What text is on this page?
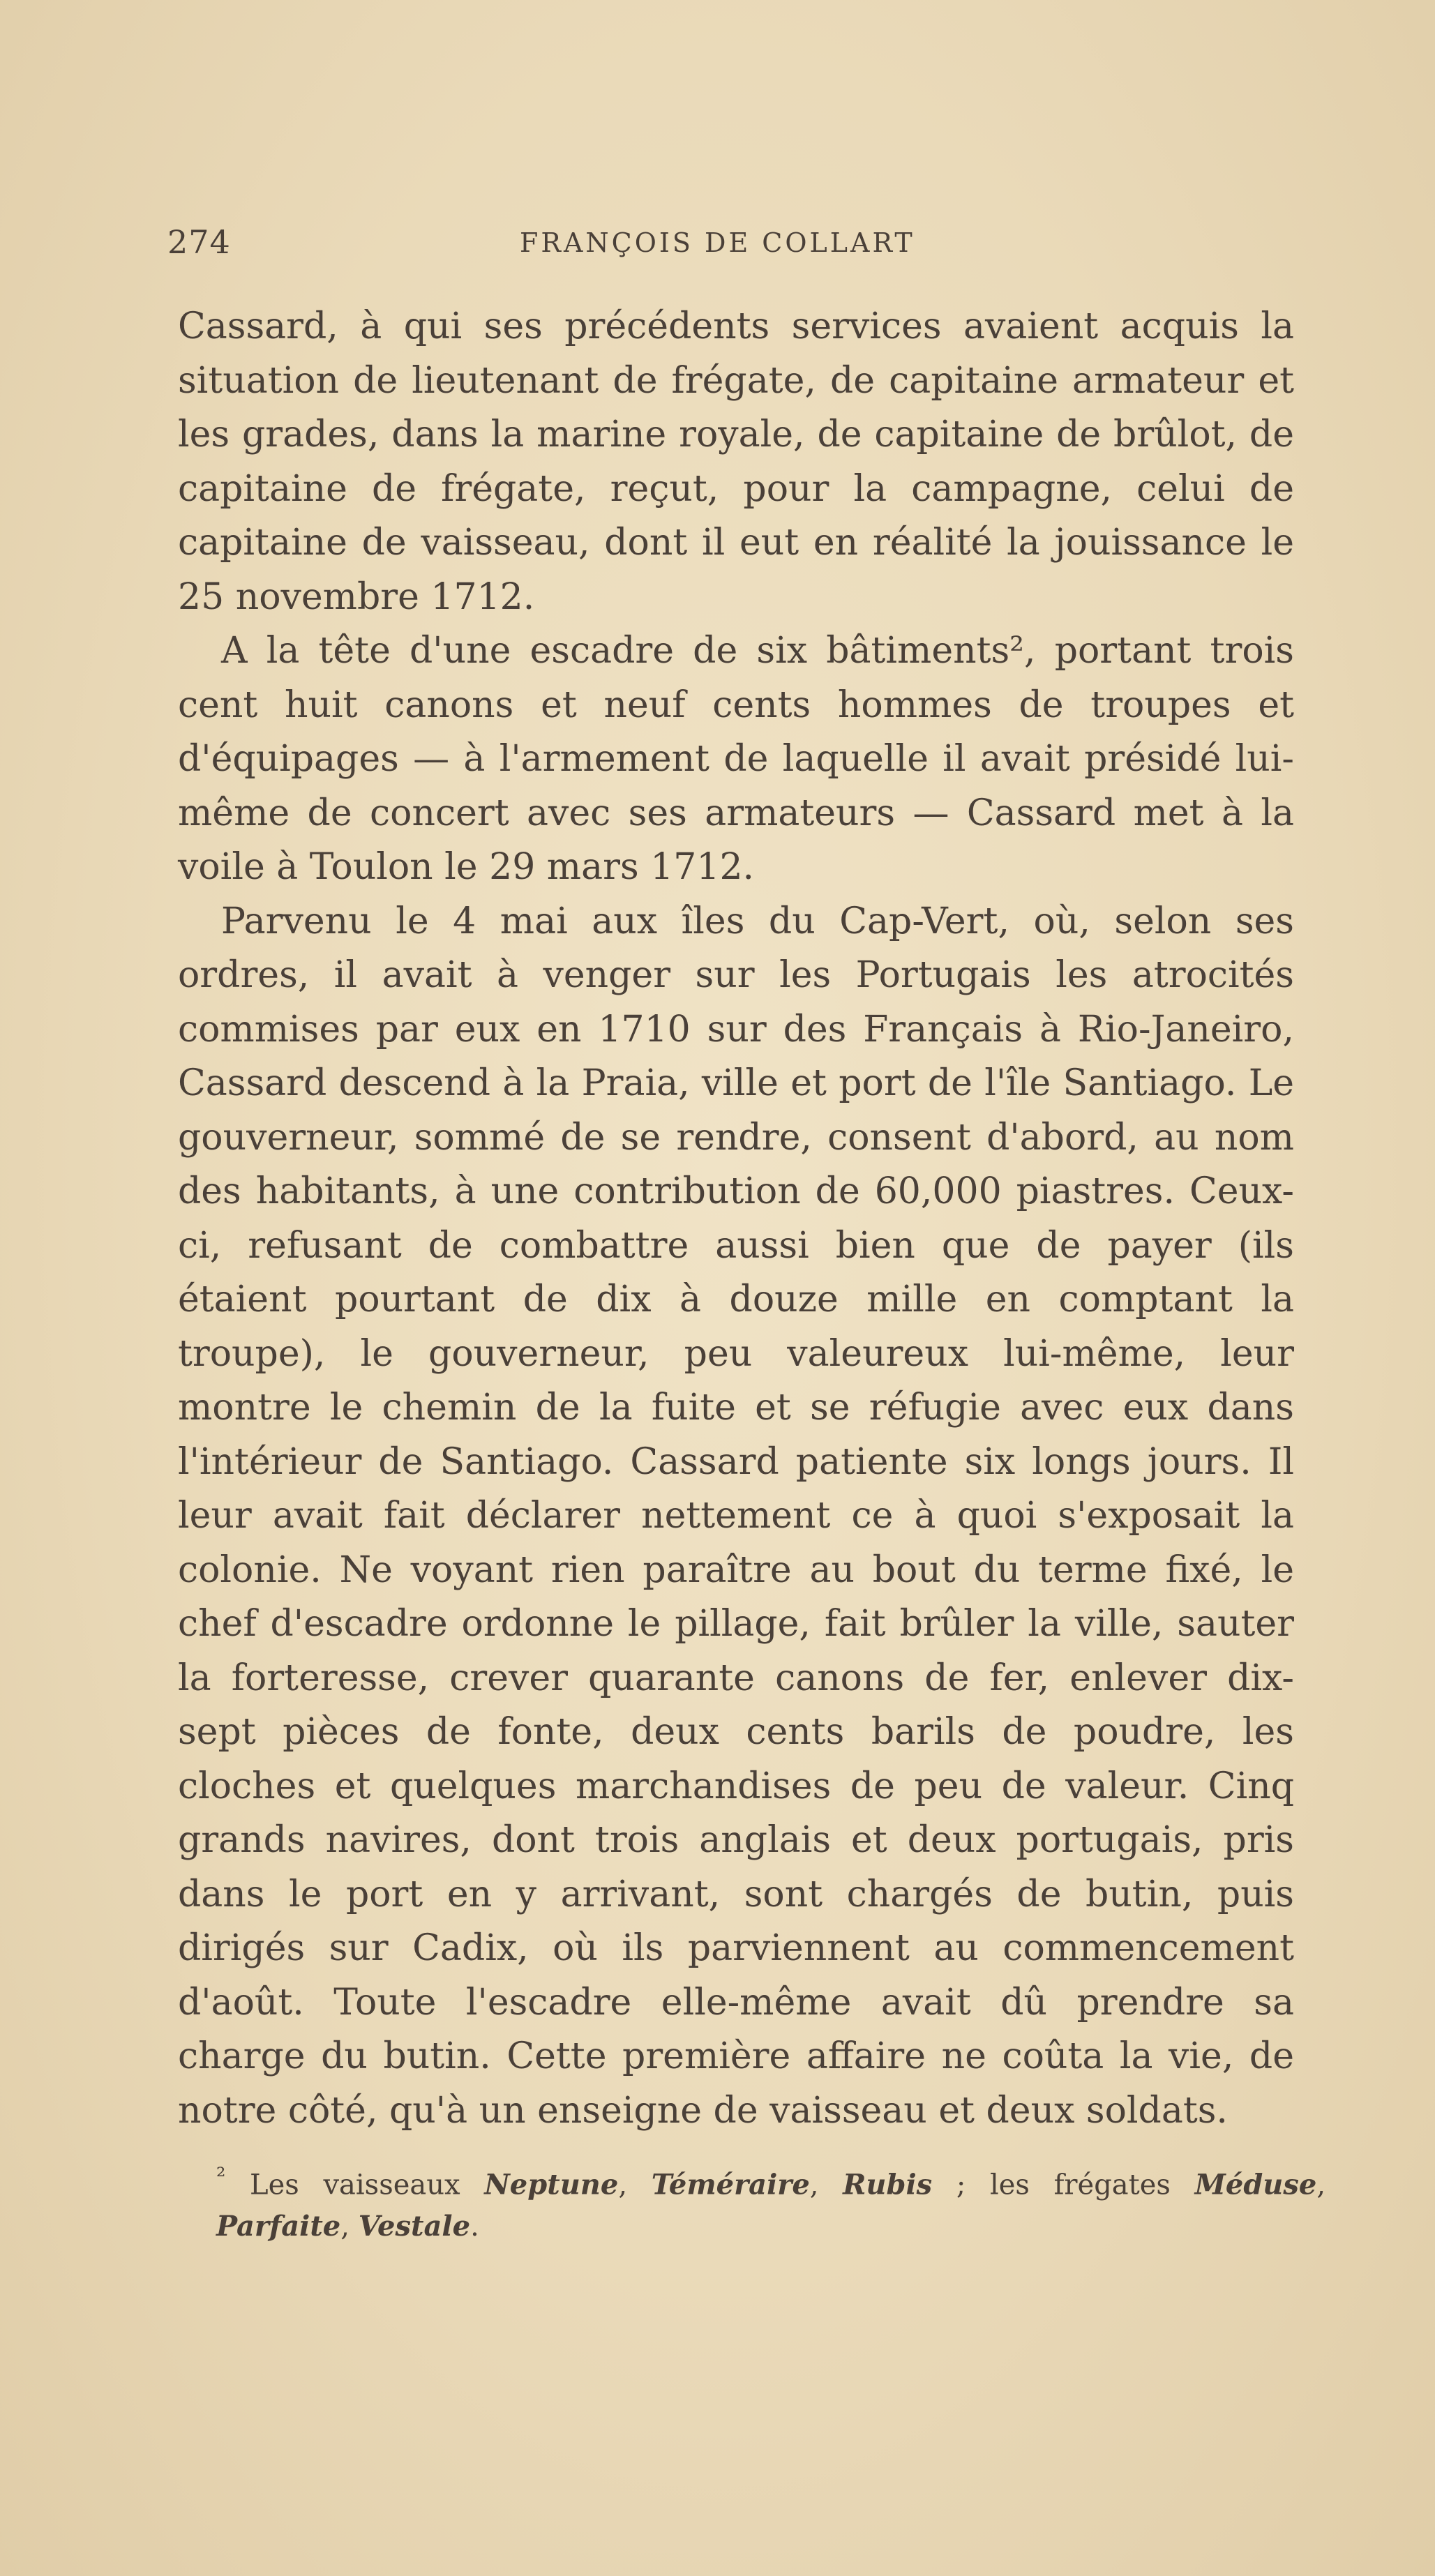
274	FRANÇOIS DE COLLART

Cassard, à qui ses précédents services avaient acquis la situation de lieutenant de frégate, de capitaine armateur et les grades, dans la marine royale, de capitaine de brûlot, de capitaine de frégate, reçut, pour la campagne, celui de capitaine de vaisseau, dont il eut en réalité la jouissance le 25 novembre 1712.

A la tête d'une escadre de six bâtiments², portant trois cent huit canons et neuf cents hommes de troupes et d'équipages — à l'armement de laquelle il avait présidé lui-même de concert avec ses armateurs — Cassard met à la voile à Toulon le 29 mars 1712.

Parvenu le 4 mai aux îles du Cap-Vert, où, selon ses ordres, il avait à venger sur les Portugais les atrocités commises par eux en 1710 sur des Français à Rio-Janeiro, Cassard descend à la Praia, ville et port de l'île Santiago. Le gouverneur, sommé de se rendre, consent d'abord, au nom des habitants, à une contribution de 60,000 piastres. Ceux-ci, refusant de combattre aussi bien que de payer (ils étaient pourtant de dix à douze mille en comptant la troupe), le gouverneur, peu valeureux lui-même, leur montre le chemin de la fuite et se réfugie avec eux dans l'intérieur de Santiago. Cassard patiente six longs jours. Il leur avait fait déclarer nettement ce à quoi s'exposait la colonie. Ne voyant rien paraître au bout du terme fixé, le chef d'escadre ordonne le pillage, fait brûler la ville, sauter la forteresse, crever quarante canons de fer, enlever dix-sept pièces de fonte, deux cents barils de poudre, les cloches et quelques marchandises de peu de valeur. Cinq grands navires, dont trois anglais et deux portugais, pris dans le port en y arrivant, sont chargés de butin, puis dirigés sur Cadix, où ils parviennent au commencement d'août. Toute l'escadre elle-même avait dû prendre sa charge du butin. Cette première affaire ne coûta la vie, de notre côté, qu'à un enseigne de vaisseau et deux soldats.

$^{^2}$ Les vaisseaux Neptune, Téméraire, Rubis ; les frégates Méduse, Parfaite, Vestale.
